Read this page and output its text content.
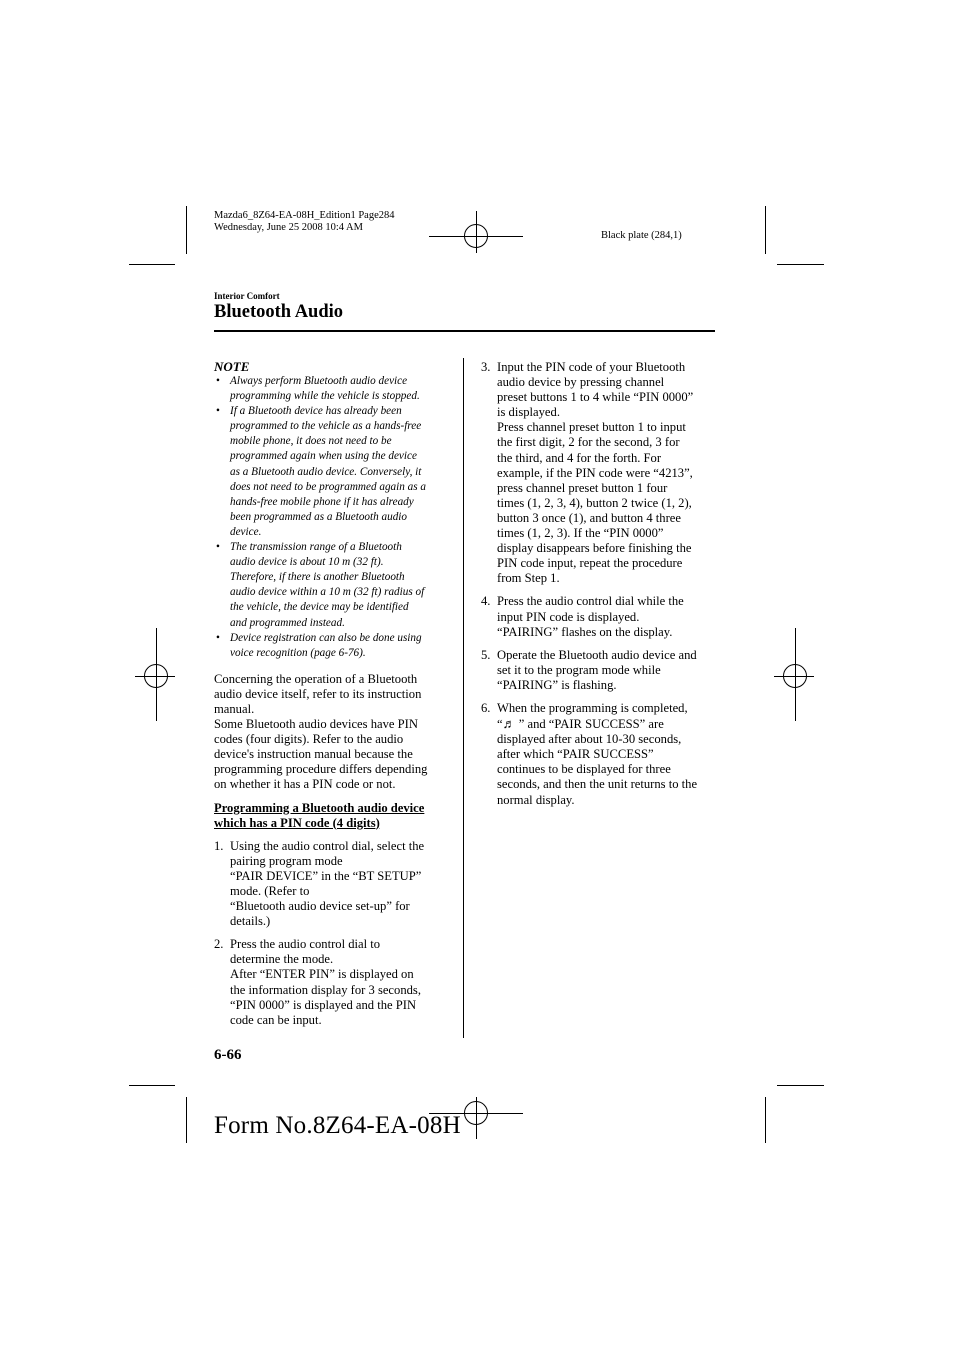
Mazda6_8Z64-EA-08H_Edition1 Page284
Wednesday, June 25 2008 10:4 AM
Black plate (284,1)
Interior Comfort
Bluetooth Audio
NOTE
• Always perform Bluetooth audio device
programming while the vehicle is stopped.
• If a Bluetooth device has already been
programmed to the vehicle as a hands-free
mobile phone, it does not need to be
programmed again when using the device
as a Bluetooth audio device. Conversely, it
does not need to be programmed again as a
hands-free mobile phone if it has already
been programmed as a Bluetooth audio
device.
• The transmission range of a Bluetooth
audio device is about 10 m (32 ft).
Therefore, if there is another Bluetooth
audio device within a 10 m (32 ft) radius of
the vehicle, the device may be identified
and programmed instead.
• Device registration can also be done using
voice recognition (page 6-76).
Concerning the operation of a Bluetooth
audio device itself, refer to its instruction
manual.
Some Bluetooth audio devices have PIN
codes (four digits). Refer to the audio
device's instruction manual because the
programming procedure differs depending
on whether it has a PIN code or not.
Programming a Bluetooth audio device
which has a PIN code (4 digits)
1. Using the audio control dial, select the
pairing program mode
“PAIR DEVICE” in the “BT SETUP”
mode. (Refer to
“Bluetooth audio device set-up” for
details.)
2. Press the audio control dial to
determine the mode.
After “ENTER PIN” is displayed on
the information display for 3 seconds,
“PIN 0000” is displayed and the PIN
code can be input.
3. Input the PIN code of your Bluetooth
audio device by pressing channel
preset buttons 1 to 4 while “PIN 0000”
is displayed.
Press channel preset button 1 to input
the first digit, 2 for the second, 3 for
the third, and 4 for the forth. For
example, if the PIN code were “4213”,
press channel preset button 1 four
times (1, 2, 3, 4), button 2 twice (1, 2),
button 3 once (1), and button 4 three
times (1, 2, 3). If the “PIN 0000”
display disappears before finishing the
PIN code input, repeat the procedure
from Step 1.
4. Press the audio control dial while the
input PIN code is displayed.
“PAIRING” flashes on the display.
5. Operate the Bluetooth audio device and
set it to the program mode while
“PAIRING” is flashing.
6. When the programming is completed,
“♬ ” and “PAIR SUCCESS” are
displayed after about 10-30 seconds,
after which “PAIR SUCCESS”
continues to be displayed for three
seconds, and then the unit returns to the
normal display.
6-66
Form No.8Z64-EA-08H
